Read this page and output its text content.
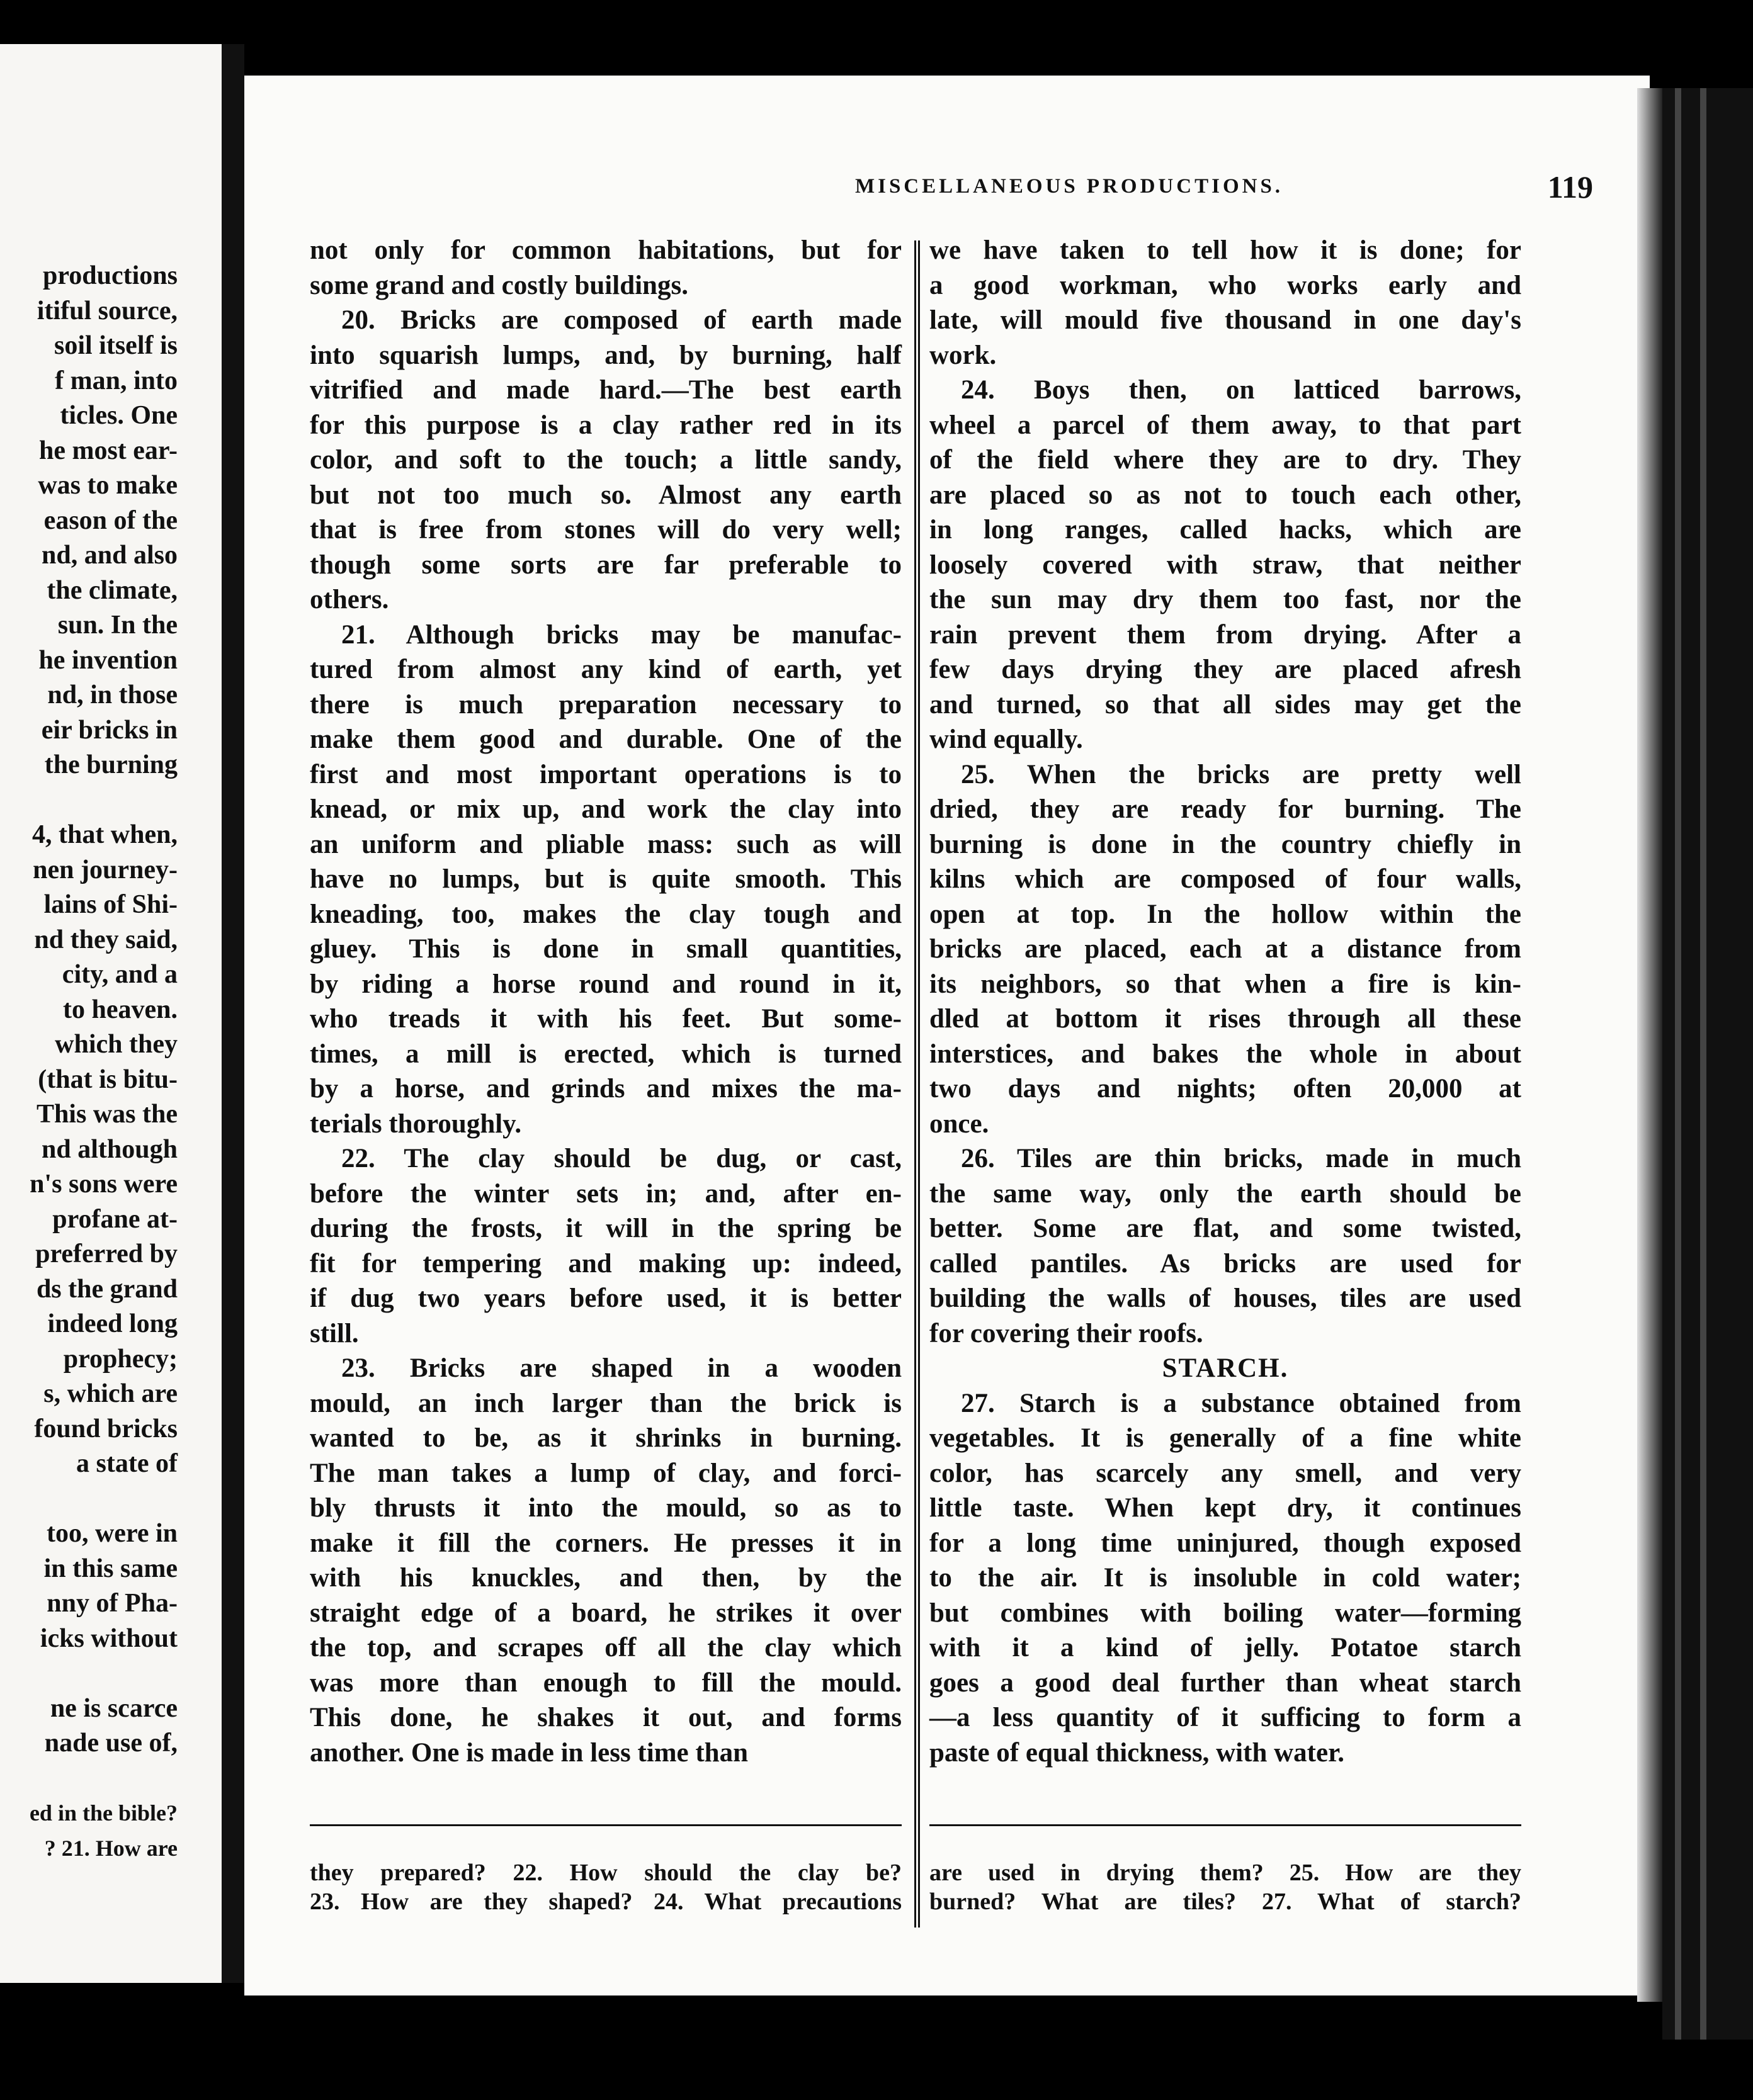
productions
itiful source,
soil itself is
f man, into
ticles. One
he most ear-
was to make
eason of the
nd, and also
the climate,
sun. In the
he invention
nd, in those
eir bricks in
the burning
4, that when,
nen journey-
lains of Shi-
nd they said,
city, and a
to heaven.
which they
(that is bitu-
This was the
nd although
n's sons were
profane at-
preferred by
ds the grand
indeed long
prophecy;
s, which are
found bricks
a state of
too, were in
in this same
nny of Pha-
icks without
ne is scarce
nade use of,
ed in the bible?
? 21. How are
MISCELLANEOUS PRODUCTIONS.	119
not only for common habitations, but for
some grand and costly buildings.
20. Bricks are composed of earth made
into squarish lumps, and, by burning, half
vitrified and made hard.—The best earth
for this purpose is a clay rather red in its
color, and soft to the touch; a little sandy,
but not too much so. Almost any earth
that is free from stones will do very well;
though some sorts are far preferable to
others.
21. Although bricks may be manufac-
tured from almost any kind of earth, yet
there is much preparation necessary to
make them good and durable. One of the
first and most important operations is to
knead, or mix up, and work the clay into
an uniform and pliable mass: such as will
have no lumps, but is quite smooth. This
kneading, too, makes the clay tough and
gluey. This is done in small quantities,
by riding a horse round and round in it,
who treads it with his feet. But some-
times, a mill is erected, which is turned
by a horse, and grinds and mixes the ma-
terials thoroughly.
22. The clay should be dug, or cast,
before the winter sets in; and, after en-
during the frosts, it will in the spring be
fit for tempering and making up: indeed,
if dug two years before used, it is better
still.
23. Bricks are shaped in a wooden
mould, an inch larger than the brick is
wanted to be, as it shrinks in burning.
The man takes a lump of clay, and forci-
bly thrusts it into the mould, so as to
make it fill the corners. He presses it in
with his knuckles, and then, by the
straight edge of a board, he strikes it over
the top, and scrapes off all the clay which
was more than enough to fill the mould.
This done, he shakes it out, and forms
another. One is made in less time than
we have taken to tell how it is done; for
a good workman, who works early and
late, will mould five thousand in one day's
work.
24. Boys then, on latticed barrows,
wheel a parcel of them away, to that part
of the field where they are to dry. They
are placed so as not to touch each other,
in long ranges, called hacks, which are
loosely covered with straw, that neither
the sun may dry them too fast, nor the
rain prevent them from drying. After a
few days drying they are placed afresh
and turned, so that all sides may get the
wind equally.
25. When the bricks are pretty well
dried, they are ready for burning. The
burning is done in the country chiefly in
kilns which are composed of four walls,
open at top. In the hollow within the
bricks are placed, each at a distance from
its neighbors, so that when a fire is kin-
dled at bottom it rises through all these
interstices, and bakes the whole in about
two days and nights; often 20,000 at
once.
26. Tiles are thin bricks, made in much
the same way, only the earth should be
better. Some are flat, and some twisted,
called pantiles. As bricks are used for
building the walls of houses, tiles are used
for covering their roofs.
STARCH.
27. Starch is a substance obtained from
vegetables. It is generally of a fine white
color, has scarcely any smell, and very
little taste. When kept dry, it continues
for a long time uninjured, though exposed
to the air. It is insoluble in cold water;
but combines with boiling water—forming
with it a kind of jelly. Potatoe starch
goes a good deal further than wheat starch
—a less quantity of it sufficing to form a
paste of equal thickness, with water.
they prepared? 22. How should the clay be?
23. How are they shaped? 24. What precautions
are used in drying them? 25. How are they
burned? What are tiles? 27. What of starch?
